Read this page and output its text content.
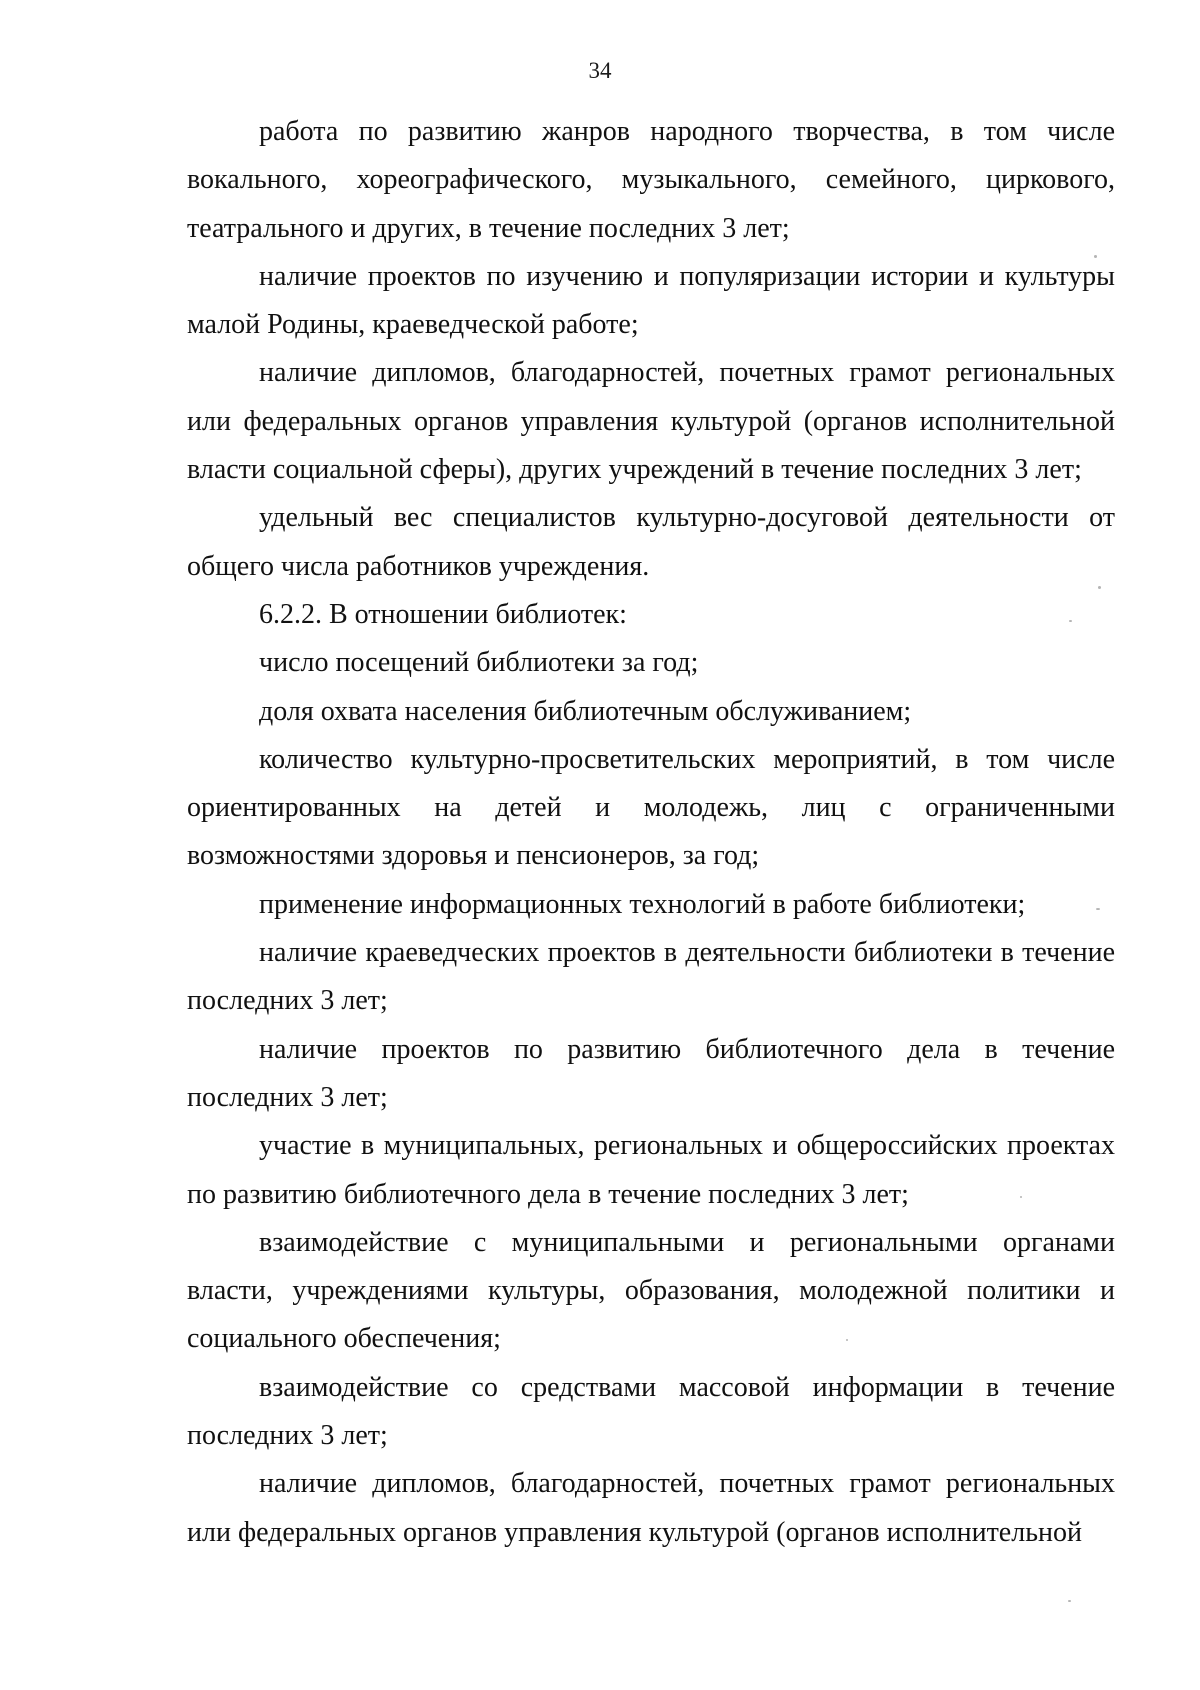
34

работа по развитию жанров народного творчества, в том числе вокального, хореографического, музыкального, семейного, циркового, театрального и других, в течение последних 3 лет;

наличие проектов по изучению и популяризации истории и культуры малой Родины, краеведческой работе;

наличие дипломов, благодарностей, почетных грамот региональных или федеральных органов управления культурой (органов исполнительной власти социальной сферы), других учреждений в течение последних 3 лет;

удельный вес специалистов культурно-досуговой деятельности от общего числа работников учреждения.

6.2.2. В отношении библиотек:

число посещений библиотеки за год;

доля охвата населения библиотечным обслуживанием;

количество культурно-просветительских мероприятий, в том числе ориентированных на детей и молодежь, лиц с ограниченными возможностями здоровья и пенсионеров, за год;

применение информационных технологий в работе библиотеки;

наличие краеведческих проектов в деятельности библиотеки в течение последних 3 лет;

наличие проектов по развитию библиотечного дела в течение последних 3 лет;

участие в муниципальных, региональных и общероссийских проектах по развитию библиотечного дела в течение последних 3 лет;

взаимодействие с муниципальными и региональными органами власти, учреждениями культуры, образования, молодежной политики и социального обеспечения;

взаимодействие со средствами массовой информации в течение последних 3 лет;

наличие дипломов, благодарностей, почетных грамот региональных или федеральных органов управления культурой (органов исполнительной
